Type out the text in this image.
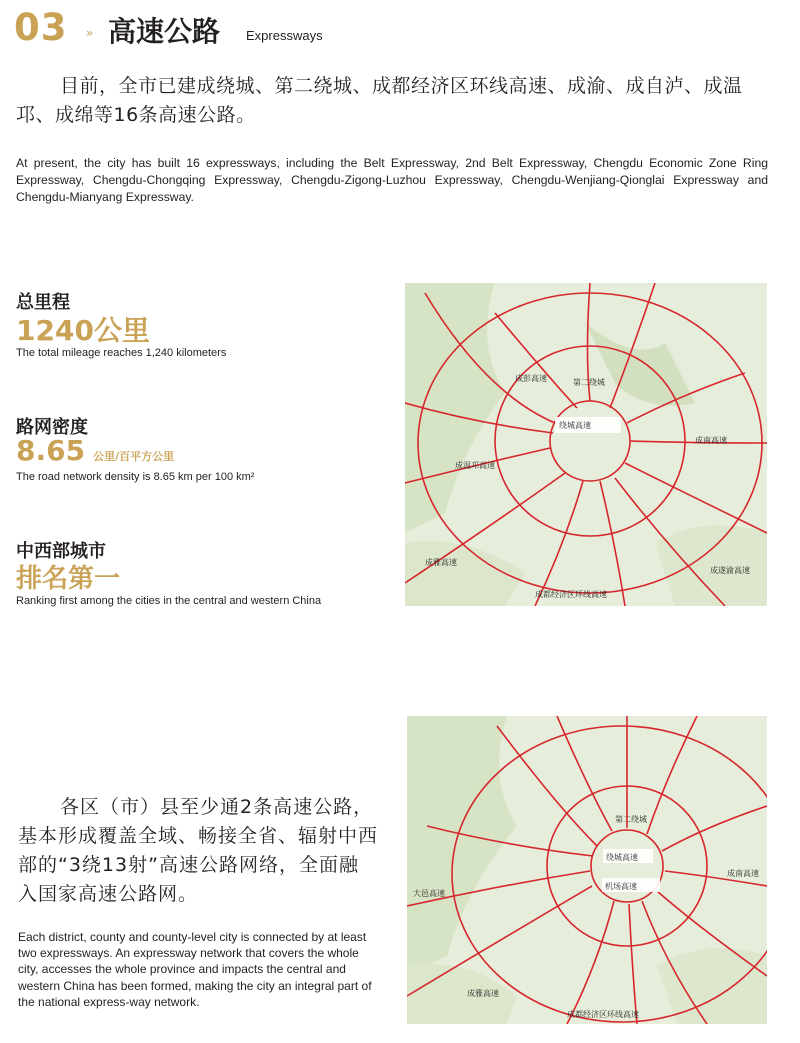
03 » 高速公路 Expressways
目前，全市已建成绕城、第二绕城、成都经济区环线高速、成渝、成自泸、成温邛、成绵等16条高速公路。
At present, the city has built 16 expressways, including the Belt Expressway, 2nd Belt Expressway, Chengdu Economic Zone Ring Expressway, Chengdu-Chongqing Expressway, Chengdu-Zigong-Luzhou Expressway, Chengdu-Wenjiang-Qionglai Expressway and Chengdu-Mianyang Expressway.
总里程
1240公里
The total mileage reaches 1,240 kilometers
路网密度
8.65 公里/百平方公里
The road network density is 8.65 km per 100 km²
中西部城市
排名第一
Ranking first among the cities in the central and western China
绕城高速
第二绕城
成彭高速
成温邛高速
成南高速
成雅高速
成都经济区环线高速
成遂渝高速
绕城高速
机场高速
第二绕城
大邑高速
成南高速
成雅高速
成都经济区环线高速
各区（市）县至少通2条高速公路，基本形成覆盖全域、畅接全省、辐射中西部的“3绕13射”高速公路网络，全面融入国家高速公路网。
Each district, county and county-level city is connected by at least two expressways. An expressway network that covers the whole city, accesses the whole province and impacts the central and western China has been formed, making the city an integral part of the national express-way network.
